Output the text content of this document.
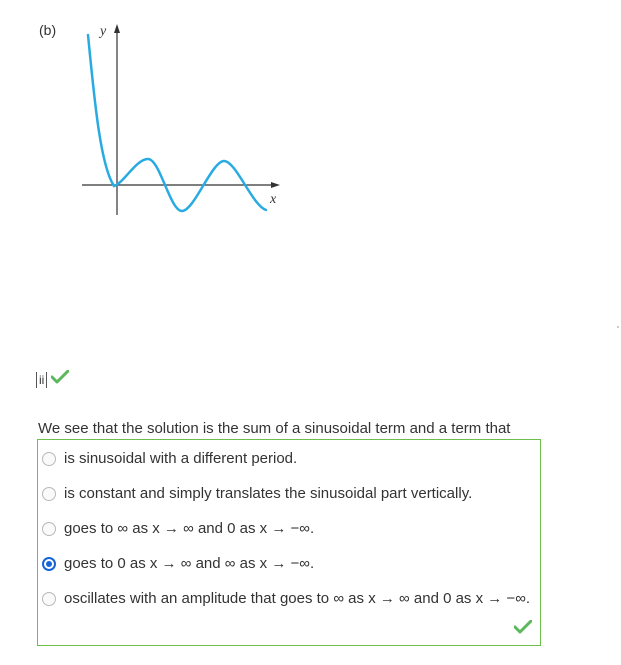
(b)	y
x
ii
We see that the solution is the sum of a sinusoidal term and a term that
is sinusoidal with a different period.
is constant and simply translates the sinusoidal part vertically.
goes to ∞ as x → ∞ and 0 as x → −∞.
goes to 0 as x → ∞ and ∞ as x → −∞.
oscillates with an amplitude that goes to ∞ as x → ∞ and 0 as x → −∞.
